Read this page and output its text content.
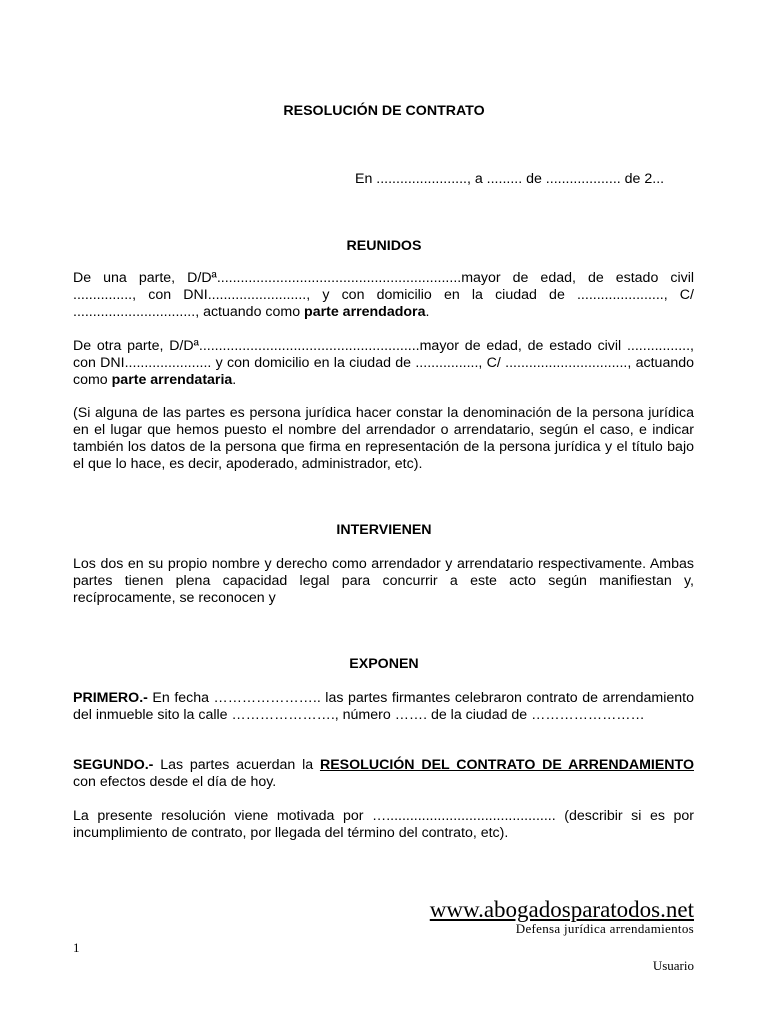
RESOLUCIÓN DE CONTRATO
En ......................., a ......... de ................... de 2...
REUNIDOS
De una parte, D/Dª..............................................................mayor de edad, de estado civil ..............., con DNI........................., y con domicilio en la ciudad de ......................, C/ ..............................., actuando como parte arrendadora.
De otra parte, D/Dª........................................................mayor de edad, de estado civil ................, con DNI...................... y con domicilio en la ciudad de ................, C/ ..............................., actuando como parte arrendataria.
(Si alguna de las partes es persona jurídica hacer constar la denominación de la persona jurídica en el lugar que hemos puesto el nombre del arrendador o arrendatario, según el caso, e indicar también los datos de la persona que firma en representación de la persona jurídica y el título bajo el que lo hace, es decir, apoderado, administrador, etc).
INTERVIENEN
Los dos en su propio nombre y derecho como arrendador y arrendatario respectivamente. Ambas partes tienen plena capacidad legal para concurrir a este acto según manifiestan y, recíprocamente, se reconocen y
EXPONEN
PRIMERO.- En fecha ………………….. las partes firmantes celebraron contrato de arrendamiento del inmueble sito la calle …………………., número ……. de la ciudad de ……………………
SEGUNDO.- Las partes acuerdan la RESOLUCIÓN DEL CONTRATO DE ARRENDAMIENTO con efectos desde el día de hoy.
La presente resolución viene motivada por …........................................... (describir si es por incumplimiento de contrato, por llegada del término del contrato, etc).
www.abogadosparatodos.net
Defensa jurídica arrendamientos
1
Usuario
